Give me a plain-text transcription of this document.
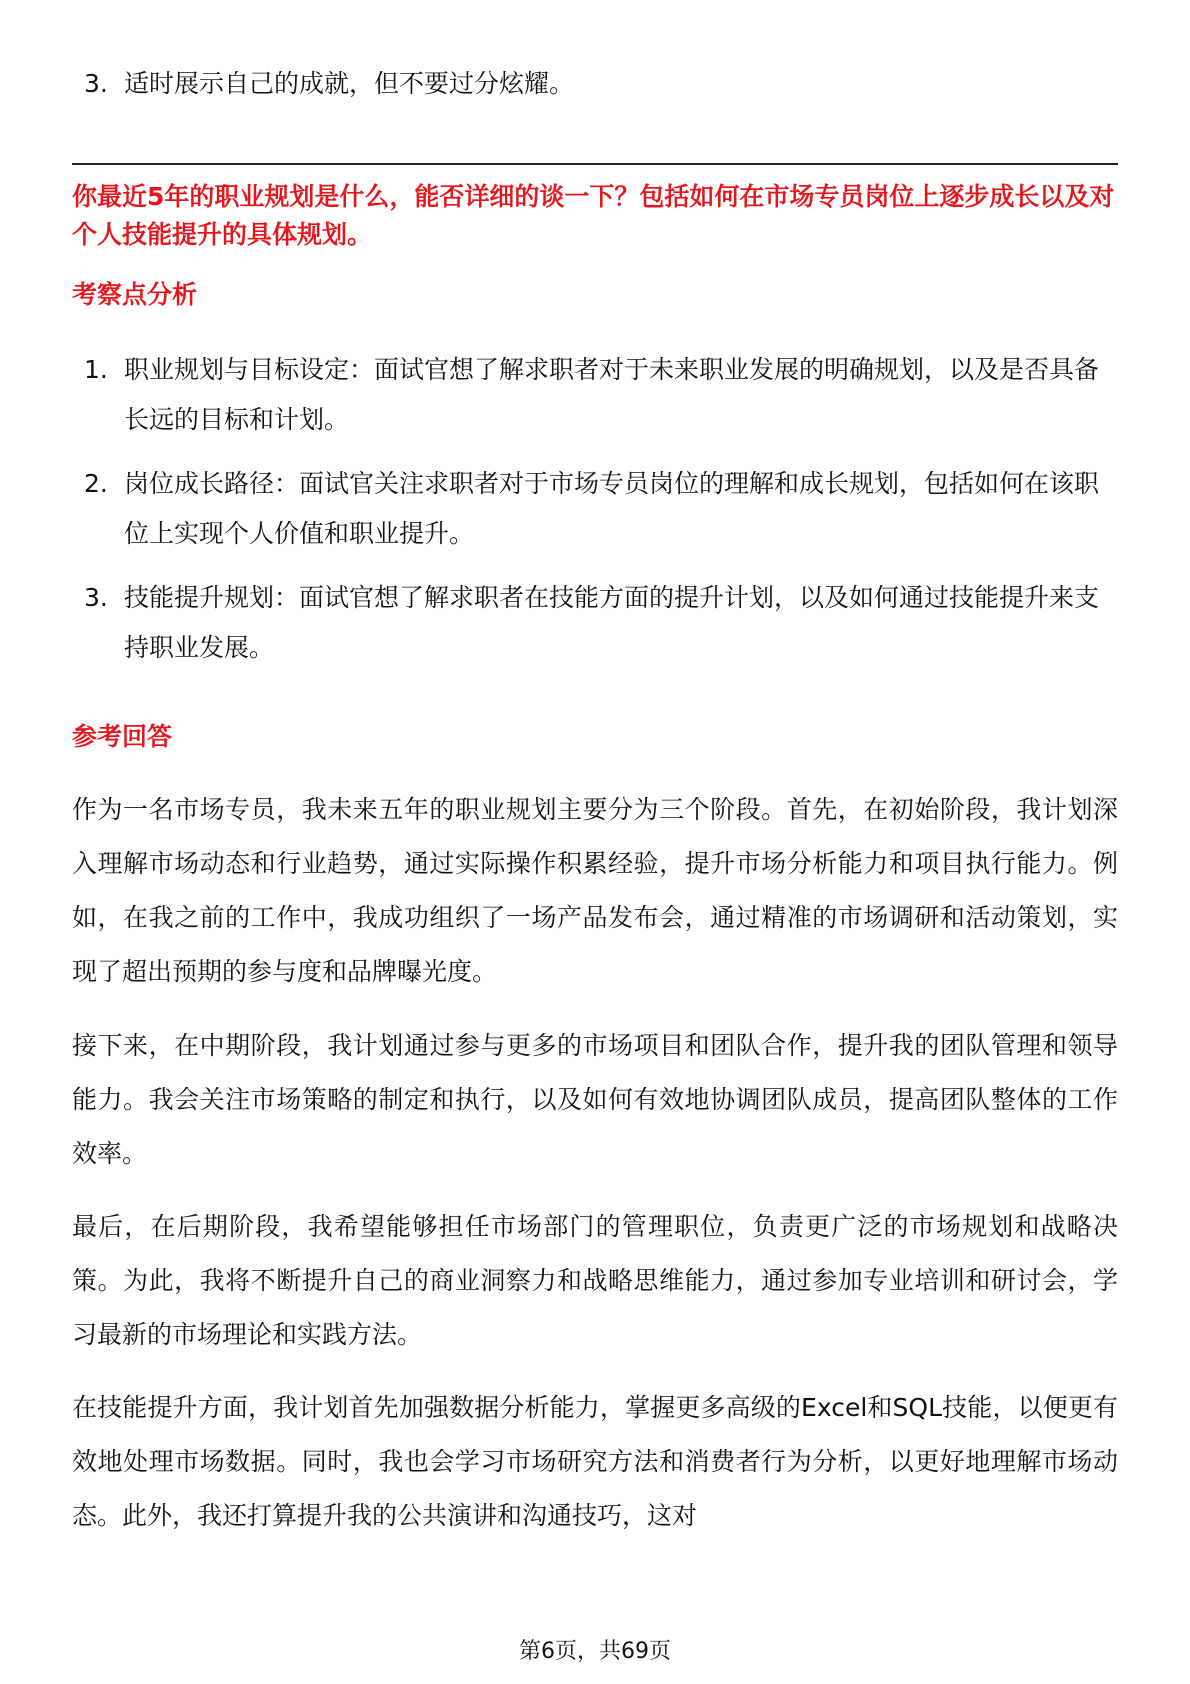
3. 适时展示自己的成就，但不要过分炫耀。
你最近5年的职业规划是什么，能否详细的谈一下？包括如何在市场专员岗位上逐步成长以及对个人技能提升的具体规划。
考察点分析
1. 职业规划与目标设定：面试官想了解求职者对于未来职业发展的明确规划，以及是否具备长远的目标和计划。
2. 岗位成长路径：面试官关注求职者对于市场专员岗位的理解和成长规划，包括如何在该职位上实现个人价值和职业提升。
3. 技能提升规划：面试官想了解求职者在技能方面的提升计划，以及如何通过技能提升来支持职业发展。
参考回答

作为一名市场专员，我未来五年的职业规划主要分为三个阶段。首先，在初始阶段，我计划深入理解市场动态和行业趋势，通过实际操作积累经验，提升市场分析能力和项目执行能力。例如，在我之前的工作中，我成功组织了一场产品发布会，通过精准的市场调研和活动策划，实现了超出预期的参与度和品牌曝光度。

接下来，在中期阶段，我计划通过参与更多的市场项目和团队合作，提升我的团队管理和领导能力。我会关注市场策略的制定和执行，以及如何有效地协调团队成员，提高团队整体的工作效率。

最后，在后期阶段，我希望能够担任市场部门的管理职位，负责更广泛的市场规划和战略决策。为此，我将不断提升自己的商业洞察力和战略思维能力，通过参加专业培训和研讨会，学习最新的市场理论和实践方法。

在技能提升方面，我计划首先加强数据分析能力，掌握更多高级的Excel和SQL技能，以便更有效地处理市场数据。同时，我也会学习市场研究方法和消费者行为分析，以更好地理解市场动态。此外，我还打算提升我的公共演讲和沟通技巧，这对

第6页，共69页
